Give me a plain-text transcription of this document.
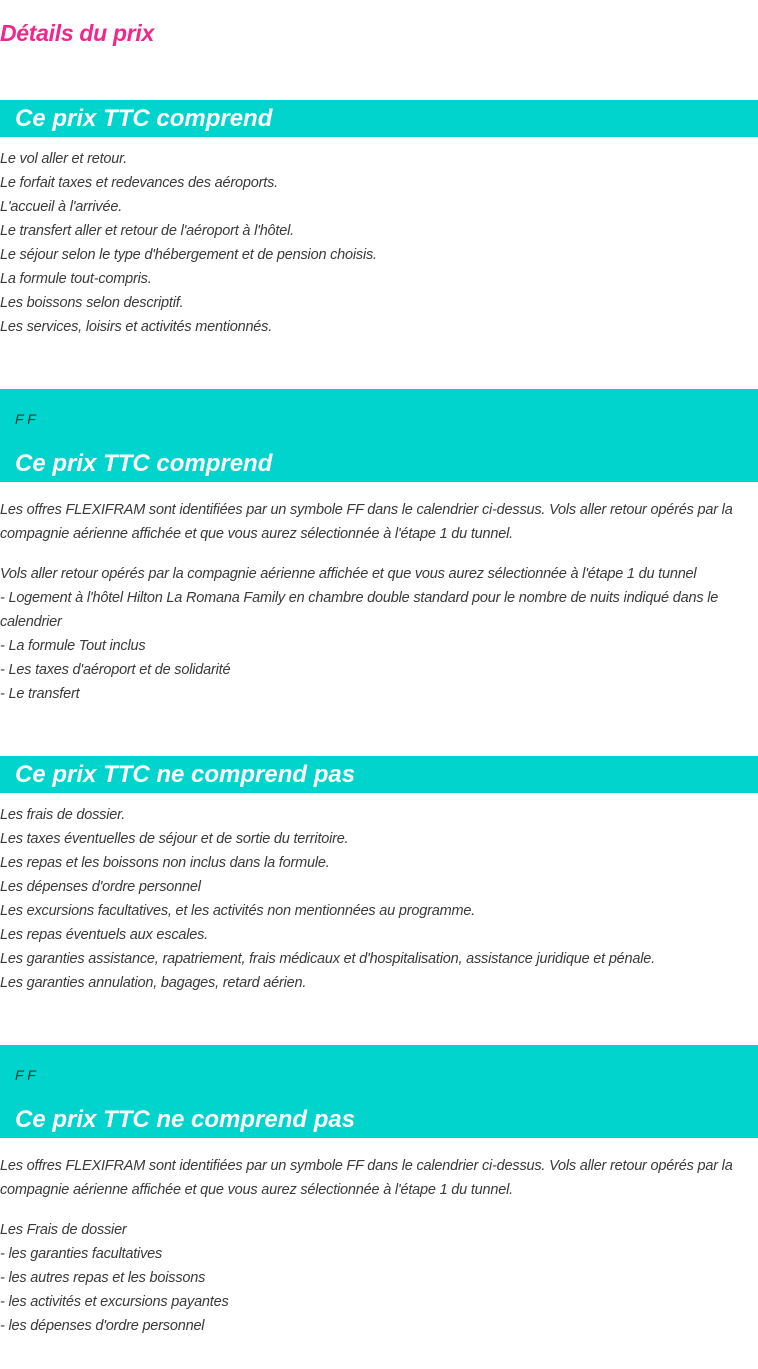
Détails du prix
Ce prix TTC comprend
Le vol aller et retour.
Le forfait taxes et redevances des aéroports.
L'accueil à l'arrivée.
Le transfert aller et retour de l'aéroport à l'hôtel.
Le séjour selon le type d'hébergement et de pension choisis.
La formule tout-compris.
Les boissons selon descriptif.
Les services, loisirs et activités mentionnés.
F F
Ce prix TTC comprend

Les offres FLEXIFRAM sont identifiées par un symbole FF dans le calendrier ci-dessus. Vols aller retour opérés par la compagnie aérienne affichée et que vous aurez sélectionnée à l'étape 1 du tunnel.

Vols aller retour opérés par la compagnie aérienne affichée et que vous aurez sélectionnée à l'étape 1 du tunnel
- Logement à l'hôtel Hilton La Romana Family en chambre double standard pour le nombre de nuits indiqué dans le calendrier
- La formule Tout inclus
- Les taxes d'aéroport et de solidarité
- Le transfert
Ce prix TTC ne comprend pas
Les frais de dossier.
Les taxes éventuelles de séjour et de sortie du territoire.
Les repas et les boissons non inclus dans la formule.
Les dépenses d'ordre personnel
Les excursions facultatives, et les activités non mentionnées au programme.
Les repas éventuels aux escales.
Les garanties assistance, rapatriement, frais médicaux et d'hospitalisation, assistance juridique et pénale.
Les garanties annulation, bagages, retard aérien.
F F
Ce prix TTC ne comprend pas

Les offres FLEXIFRAM sont identifiées par un symbole FF dans le calendrier ci-dessus. Vols aller retour opérés par la compagnie aérienne affichée et que vous aurez sélectionnée à l'étape 1 du tunnel.

Les Frais de dossier
- les garanties facultatives
- les autres repas et les boissons
- les activités et excursions payantes
- les dépenses d'ordre personnel
